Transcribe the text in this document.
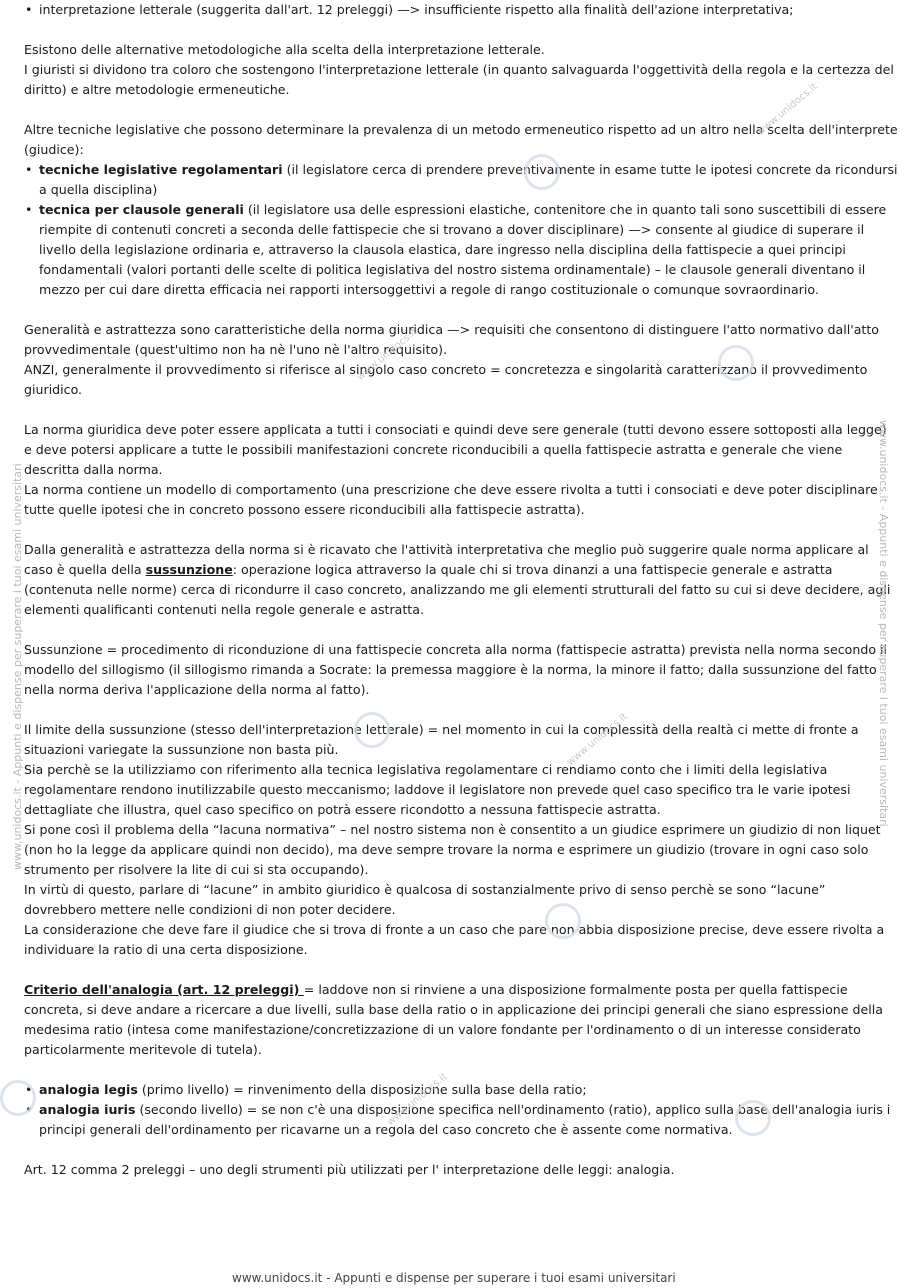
• interpretazione letterale (suggerita dall'art. 12 preleggi) —> insufficiente rispetto alla finalità dell'azione interpretativa;

Esistono delle alternative metodologiche alla scelta della interpretazione letterale.

I giuristi si dividono tra coloro che sostengono l'interpretazione letterale (in quanto salvaguarda l'oggettività della regola e la certezza del diritto) e altre metodologie ermeneutiche.

Altre tecniche legislative che possono determinare la prevalenza di un metodo ermeneutico rispetto ad un altro nella scelta dell'interprete (giudice):

• tecniche legislative regolamentari (il legislatore cerca di prendere preventivamente in esame tutte le ipotesi concrete da ricondursi a quella disciplina)

• tecnica per clausole generali (il legislatore usa delle espressioni elastiche, contenitore che in quanto tali sono suscettibili di essere riempite di contenuti concreti a seconda delle fattispecie che si trovano a dover disciplinare) —> consente al giudice di superare il livello della legislazione ordinaria e, attraverso la clausola elastica, dare ingresso nella disciplina della fattispecie a quei principi fondamentali (valori portanti delle scelte di politica legislativa del nostro sistema ordinamentale) – le clausole generali diventano il mezzo per cui dare diretta efficacia nei rapporti intersoggettivi a regole di rango costituzionale o comunque sovraordinario.

Generalità e astrattezza sono caratteristiche della norma giuridica —> requisiti che consentono di distinguere l'atto normativo dall'atto provvedimentale (quest'ultimo non ha nè l'uno nè l'altro requisito).

ANZI, generalmente il provvedimento si riferisce al singolo caso concreto = concretezza e singolarità caratterizzano il provvedimento giuridico.

La norma giuridica deve poter essere applicata a tutti i consociati e quindi deve sere generale (tutti devono essere sottoposti alla legge) e deve potersi applicare a tutte le possibili manifestazioni concrete riconducibili a quella fattispecie astratta e generale che viene descritta dalla norma.

La norma contiene un modello di comportamento (una prescrizione che deve essere rivolta a tutti i consociati e deve poter disciplinare tutte quelle ipotesi che in concreto possono essere riconducibili alla fattispecie astratta).

Dalla generalità e astrattezza della norma si è ricavato che l'attività interpretativa che meglio può suggerire quale norma applicare al caso è quella della sussunzione: operazione logica attraverso la quale chi si trova dinanzi a una fattispecie generale e astratta (contenuta nelle norme) cerca di ricondurre il caso concreto, analizzando me gli elementi strutturali del fatto su cui si deve decidere, agli elementi qualificanti contenuti nella regole generale e astratta.

Sussunzione = procedimento di riconduzione di una fattispecie concreta alla norma (fattispecie astratta) prevista nella norma secondo il modello del sillogismo (il sillogismo rimanda a Socrate: la premessa maggiore è la norma, la minore il fatto; dalla sussunzione del fatto nella norma deriva l'applicazione della norma al fatto).

Il limite della sussunzione (stesso dell'interpretazione letterale) = nel momento in cui la complessità della realtà ci mette di fronte a situazioni variegate la sussunzione non basta più.

Sia perchè se la utilizziamo con riferimento alla tecnica legislativa regolamentare ci rendiamo conto che i limiti della legislativa regolamentare rendono inutilizzabile questo meccanismo; laddove il legislatore non prevede quel caso specifico tra le varie ipotesi dettagliate che illustra, quel caso specifico on potrà essere ricondotto a nessuna fattispecie astratta.

Si pone così il problema della “lacuna normativa” – nel nostro sistema non è consentito a un giudice esprimere un giudizio di non liquet (non ho la legge da applicare quindi non decido), ma deve sempre trovare la norma e esprimere un giudizio (trovare in ogni caso solo strumento per risolvere la lite di cui si sta occupando).

In virtù di questo, parlare di “lacune” in ambito giuridico è qualcosa di sostanzialmente privo di senso perchè se sono “lacune” dovrebbero mettere nelle condizioni di non poter decidere.

La considerazione che deve fare il giudice che si trova di fronte a un caso che pare non abbia disposizione precise, deve essere rivolta a individuare la ratio di una certa disposizione.

Criterio dell'analogia (art. 12 preleggi) = laddove non si rinviene a una disposizione formalmente posta per quella fattispecie concreta, si deve andare a ricercare a due livelli, sulla base della ratio o in applicazione dei principi generali che siano espressione della medesima ratio (intesa come manifestazione/concretizzazione di un valore fondante per l'ordinamento o di un interesse considerato particolarmente meritevole di tutela).

• analogia legis (primo livello) = rinvenimento della disposizione sulla base della ratio;

• analogia iuris (secondo livello) = se non c'è una disposizione specifica nell'ordinamento (ratio), applico sulla base dell'analogia iuris i principi generali dell'ordinamento per ricavarne un a regola del caso concreto che è assente come normativa.

Art. 12 comma 2 preleggi – uno degli strumenti più utilizzati per l' interpretazione delle leggi: analogia.

www.unidocs.it - Appunti e dispense per superare i tuoi esami universitari	www.unidocs.it - Appunti e dispense per superare i tuoi esami universitari
www.unidocs.it
www.unidocs.it
www.unidocs.it
www.unidocs.it
www.unidocs.it - Appunti e dispense per superare i tuoi esami universitari
